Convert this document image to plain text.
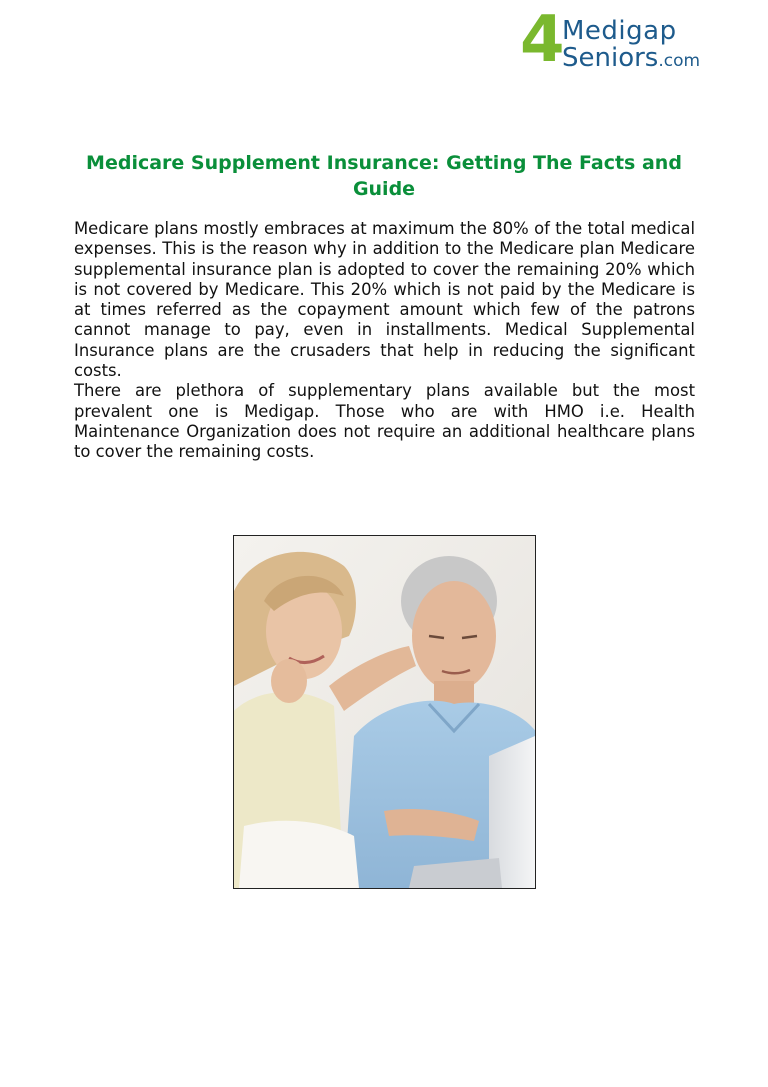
4
Medigap
Seniors.com
Medicare Supplement Insurance: Getting The Facts and Guide

Medicare plans mostly embraces at maximum the 80% of the total medical expenses. This is the reason why in addition to the Medicare plan Medicare supplemental insurance plan is adopted to cover the remaining 20% which is not covered by Medicare. This 20% which is not paid by the Medicare is at times referred as the copayment amount which few of the patrons cannot manage to pay, even in installments. Medical Supplemental Insurance plans are the crusaders that help in reducing the significant costs.

There are plethora of supplementary plans available but the most prevalent one is Medigap. Those who are with HMO i.e. Health Maintenance Organization does not require an additional healthcare plans to cover the remaining costs.
